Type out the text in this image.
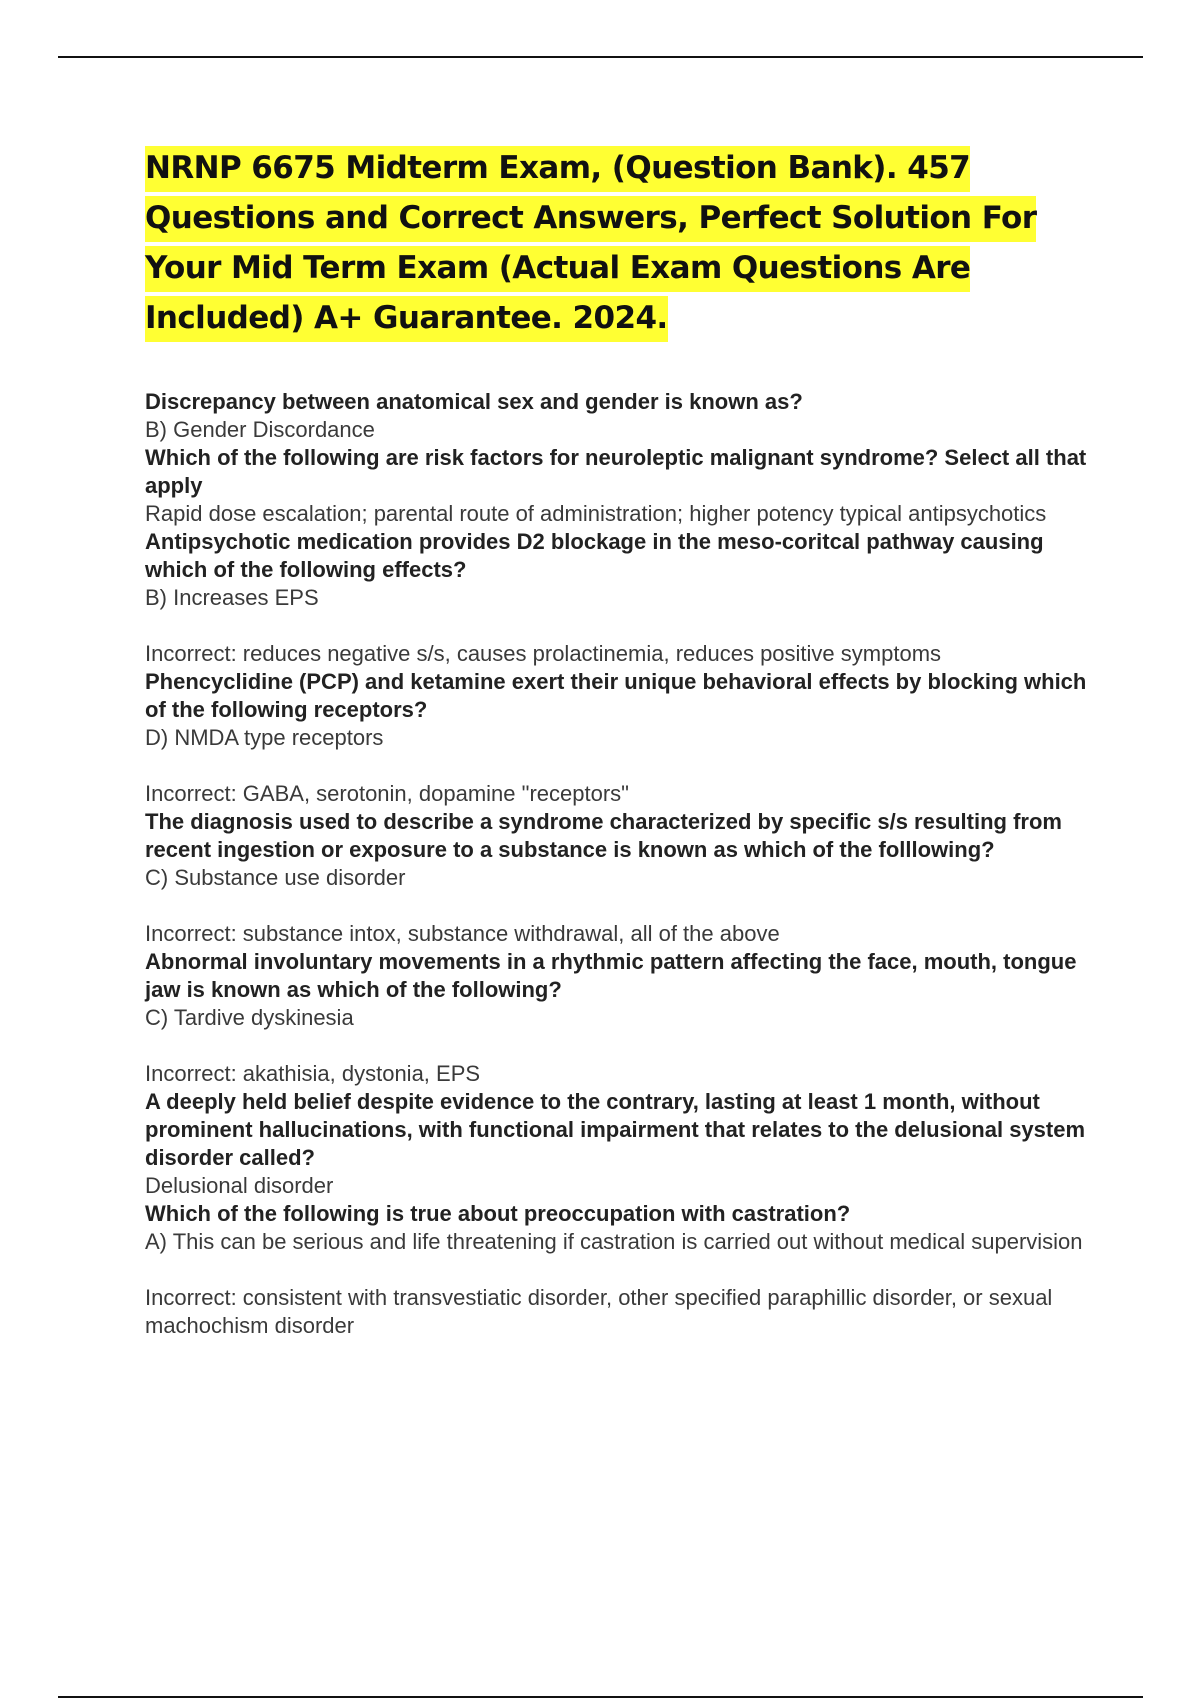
NRNP 6675 Midterm Exam, (Question Bank). 457 Questions and Correct Answers, Perfect Solution For Your Mid Term Exam (Actual Exam Questions Are Included) A+ Guarantee. 2024.
Discrepancy between anatomical sex and gender is known as?
B) Gender Discordance
Which of the following are risk factors for neuroleptic malignant syndrome? Select all that apply
Rapid dose escalation; parental route of administration; higher potency typical antipsychotics
Antipsychotic medication provides D2 blockage in the meso-coritcal pathway causing which of the following effects?
B) Increases EPS
Incorrect: reduces negative s/s, causes prolactinemia, reduces positive symptoms
Phencyclidine (PCP) and ketamine exert their unique behavioral effects by blocking which of the following receptors?
D) NMDA type receptors
Incorrect: GABA, serotonin, dopamine "receptors"
The diagnosis used to describe a syndrome characterized by specific s/s resulting from recent ingestion or exposure to a substance is known as which of the folllowing?
C) Substance use disorder
Incorrect: substance intox, substance withdrawal, all of the above
Abnormal involuntary movements in a rhythmic pattern affecting the face, mouth, tongue jaw is known as which of the following?
C) Tardive dyskinesia
Incorrect: akathisia, dystonia, EPS
A deeply held belief despite evidence to the contrary, lasting at least 1 month, without prominent hallucinations, with functional impairment that relates to the delusional system disorder called?
Delusional disorder
Which of the following is true about preoccupation with castration?
A) This can be serious and life threatening if castration is carried out without medical supervision
Incorrect: consistent with transvestiatic disorder, other specified paraphillic disorder, or sexual machochism disorder
